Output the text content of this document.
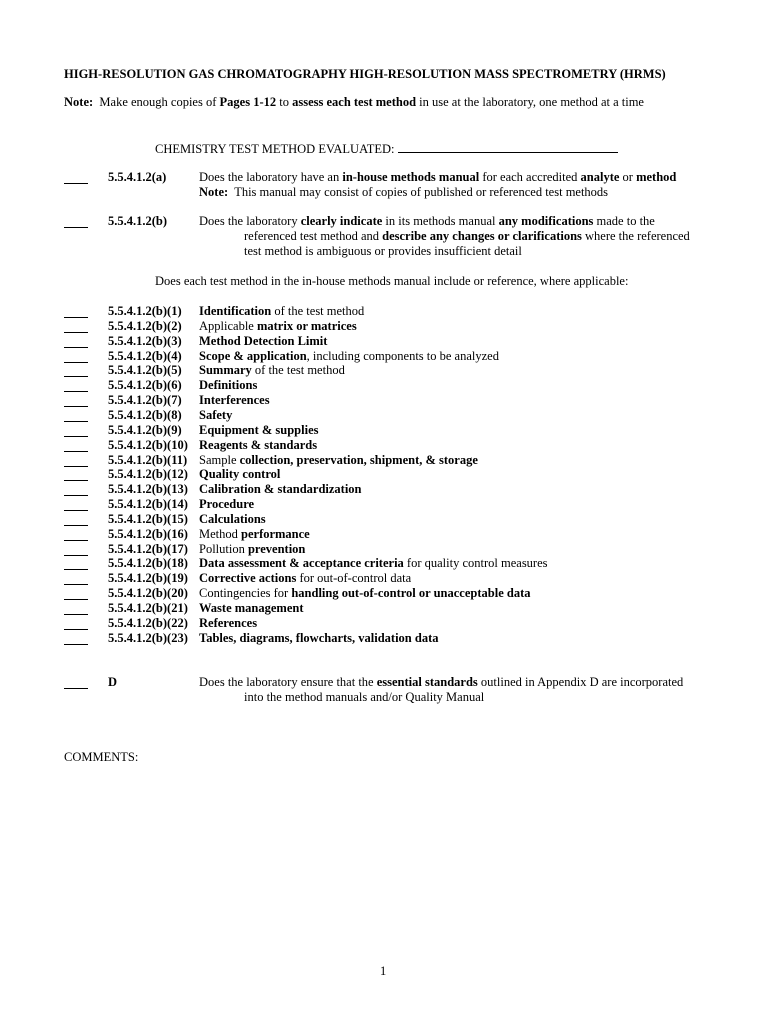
HIGH-RESOLUTION GAS CHROMATOGRAPHY HIGH-RESOLUTION MASS SPECTROMETRY (HRMS)
Note: Make enough copies of Pages 1-12 to assess each test method in use at the laboratory, one method at a time
CHEMISTRY TEST METHOD EVALUATED:
5.5.4.1.2(a)	Does the laboratory have an in-house methods manual for each accredited analyte or method
Note: This manual may consist of copies of published or referenced test methods
5.5.4.1.2(b)	Does the laboratory clearly indicate in its methods manual any modifications made to the
referenced test method and describe any changes or clarifications where the referenced
test method is ambiguous or provides insufficient detail
Does each test method in the in-house methods manual include or reference, where applicable:
5.5.4.1.2(b)(1) Identification of the test method
5.5.4.1.2(b)(2) Applicable matrix or matrices
5.5.4.1.2(b)(3) Method Detection Limit
5.5.4.1.2(b)(4) Scope & application, including components to be analyzed
5.5.4.1.2(b)(5) Summary of the test method
5.5.4.1.2(b)(6) Definitions
5.5.4.1.2(b)(7) Interferences
5.5.4.1.2(b)(8) Safety
5.5.4.1.2(b)(9) Equipment & supplies
5.5.4.1.2(b)(10) Reagents & standards
5.5.4.1.2(b)(11) Sample collection, preservation, shipment, & storage
5.5.4.1.2(b)(12) Quality control
5.5.4.1.2(b)(13) Calibration & standardization
5.5.4.1.2(b)(14) Procedure
5.5.4.1.2(b)(15) Calculations
5.5.4.1.2(b)(16) Method performance
5.5.4.1.2(b)(17) Pollution prevention
5.5.4.1.2(b)(18) Data assessment & acceptance criteria for quality control measures
5.5.4.1.2(b)(19) Corrective actions for out-of-control data
5.5.4.1.2(b)(20) Contingencies for handling out-of-control or unacceptable data
5.5.4.1.2(b)(21) Waste management
5.5.4.1.2(b)(22) References
5.5.4.1.2(b)(23) Tables, diagrams, flowcharts, validation data
D	Does the laboratory ensure that the essential standards outlined in Appendix D are incorporated
into the method manuals and/or Quality Manual
COMMENTS:
1
